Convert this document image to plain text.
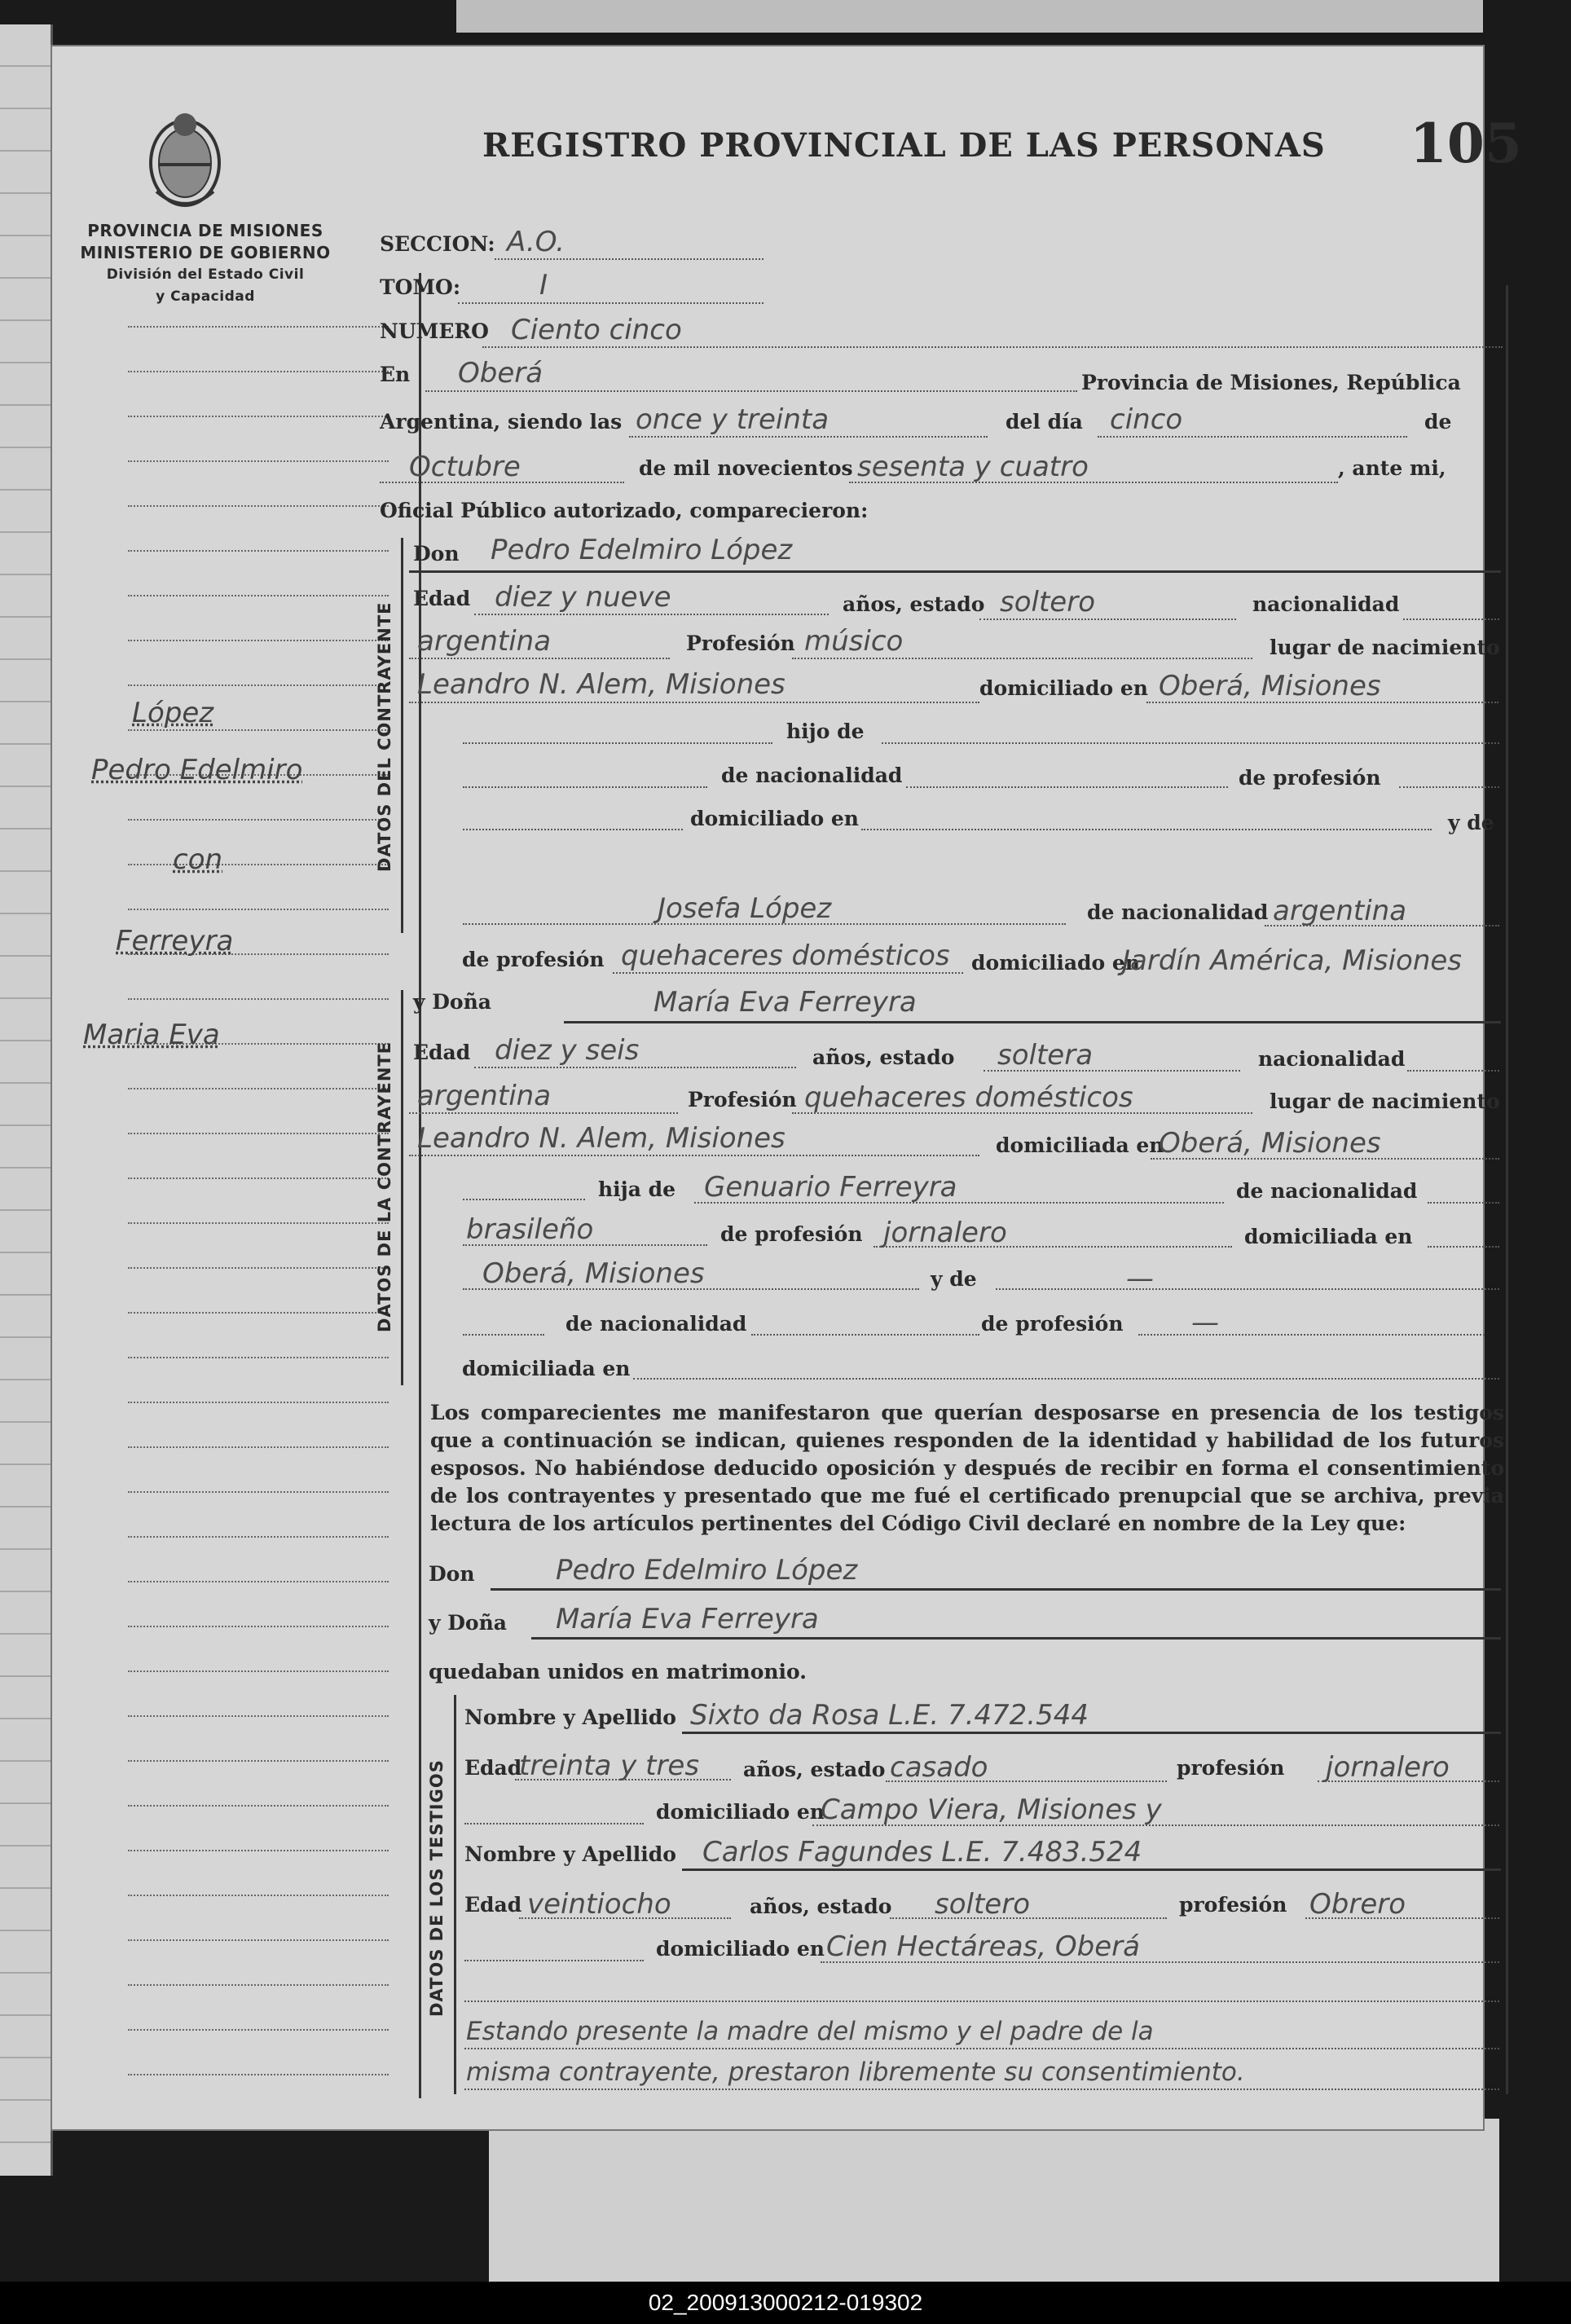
PROVINCIA DE MISIONES
MINISTERIO DE GOBIERNO
División del Estado Civil
y Capacidad
López
Pedro Edelmiro
con
Ferreyra
Maria Eva
REGISTRO PROVINCIAL DE LAS PERSONAS 105
SECCION: A.O.
TOMO:	I
NUMERO Ciento cinco
En Oberá	Provincia de Misiones, República
Argentina, siendo las once y treinta	del día cinco	de
Octubre	de mil novecientos sesenta y cuatro	, ante mi,
Oficial Público autorizado, comparecieron:
DATOS DEL CONTRAYENTE
Don Pedro Edelmiro López
Edad diez y nueve	años, estado soltero	nacionalidad
argentina	Profesión músico	lugar de nacimiento
Leandro N. Alem, Misiones	domiciliado en Oberá, Misiones
hijo de
de nacionalidad	de profesión
domiciliado en	y de
Josefa López	de nacionalidad argentina
de profesión quehaceres domésticos domiciliado en
Jardín América, Misiones
DATOS DE LA CONTRAYENTE
y Doña	María Eva Ferreyra
Edad diez y seis	años, estado soltera	nacionalidad
argentina	Profesión quehaceres domésticos	lugar de nacimiento
Leandro N. Alem, Misiones	domiciliada en
Oberá, Misiones
hija de Genuario Ferreyra	de nacionalidad
brasileño	de profesión jornalero	domiciliada en
Oberá, Misiones	y de	—
de nacionalidad	de profesión —
domiciliada en
Los comparecientes me manifestaron que querían desposarse en presencia de los testigos que a continuación se indican, quienes responden de la identidad y habilidad de los futuros esposos. No habiéndose deducido oposición y después de recibir en forma el consentimiento de los contrayentes y presentado que me fué el certificado prenupcial que se archiva, previa lectura de los artículos pertinentes del Código Civil declaré en nombre de la Ley que:
Don	Pedro Edelmiro López
y Doña María Eva Ferreyra
quedaban unidos en matrimonio.
DATOS DE LOS TESTIGOS
Nombre y Apellido Sixto da Rosa L.E. 7.472.544
Edad
treinta y tres años, estado casado	profesión jornalero
domiciliado en
Campo Viera, Misiones y
Nombre y Apellido Carlos Fagundes L.E. 7.483.524
Edad veintiocho	años, estado soltero	profesión Obrero
domiciliado en Cien Hectáreas, Oberá
Estando presente la madre del mismo y el padre de la
misma contrayente, prestaron libremente su consentimiento.
02_200913000212-019302
